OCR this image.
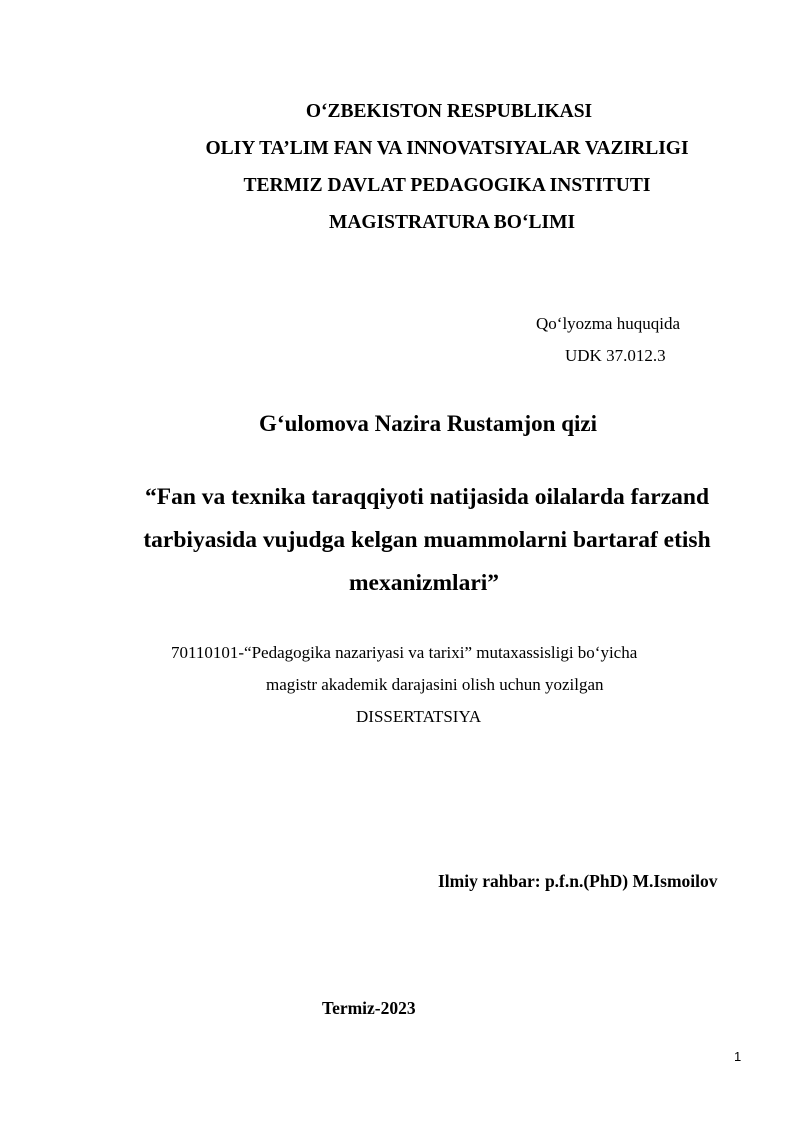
O‘ZBEKISTON RESPUBLIKASI

OLIY TA’LIM FAN VA INNOVATSIYALAR VAZIRLIGI

TERMIZ DAVLAT PEDAGOGIKA INSTITUTI

MAGISTRATURA BO‘LIMI

Qo‘lyozma huquqida

UDK 37.012.3

G‘ulomova Nazira Rustamjon qizi

“Fan va texnika taraqqiyoti natijasida oilalarda farzand

tarbiyasida vujudga kelgan muammolarni bartaraf etish

mexanizmlari”

70110101-“Pedagogika nazariyasi va tarixi” mutaxassisligi bo‘yicha

magistr akademik darajasini olish uchun yozilgan

DISSERTATSIYA

Ilmiy rahbar: p.f.n.(PhD) M.Ismoilov

Termiz-2023

1
